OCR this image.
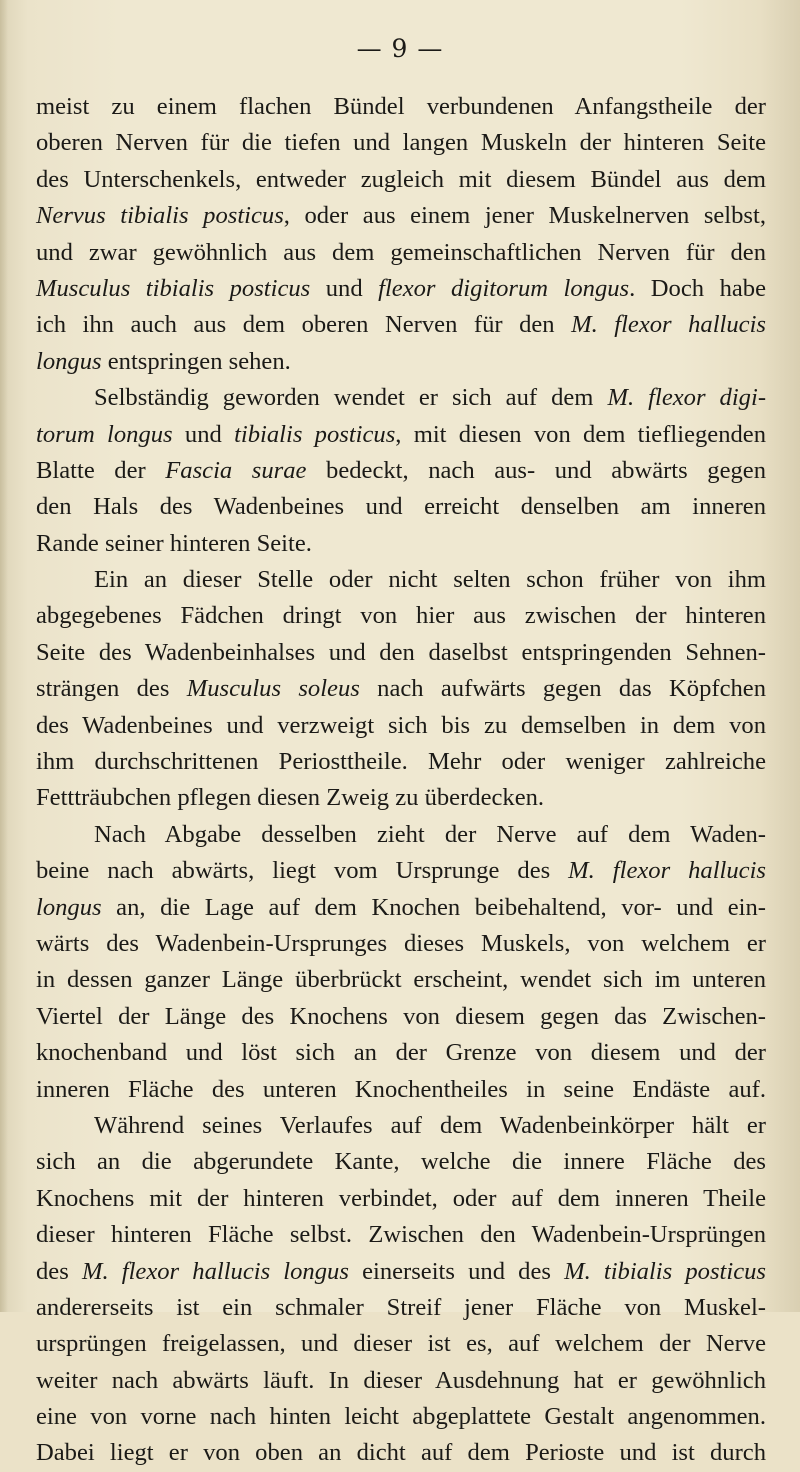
— 9 —
meist zu einem flachen Bündel verbundenen Anfangstheile der
oberen Nerven für die tiefen und langen Muskeln der hinteren Seite
des Unterschenkels, entweder zugleich mit diesem Bündel aus dem
Nervus tibialis posticus, oder aus einem jener Muskelnerven selbst,
und zwar gewöhnlich aus dem gemeinschaftlichen Nerven für den
Musculus tibialis posticus und flexor digitorum longus. Doch habe
ich ihn auch aus dem oberen Nerven für den M. flexor hallucis
longus entspringen sehen.
Selbständig geworden wendet er sich auf dem M. flexor digi-
torum longus und tibialis posticus, mit diesen von dem tiefliegenden
Blatte der Fascia surae bedeckt, nach aus- und abwärts gegen
den Hals des Wadenbeines und erreicht denselben am inneren
Rande seiner hinteren Seite.
Ein an dieser Stelle oder nicht selten schon früher von ihm
abgegebenes Fädchen dringt von hier aus zwischen der hinteren
Seite des Wadenbeinhalses und den daselbst entspringenden Sehnen-
strängen des Musculus soleus nach aufwärts gegen das Köpfchen
des Wadenbeines und verzweigt sich bis zu demselben in dem von
ihm durchschrittenen Periosttheile. Mehr oder weniger zahlreiche
Fettträubchen pflegen diesen Zweig zu überdecken.
Nach Abgabe desselben zieht der Nerve auf dem Waden-
beine nach abwärts, liegt vom Ursprunge des M. flexor hallucis
longus an, die Lage auf dem Knochen beibehaltend, vor- und ein-
wärts des Wadenbein-Ursprunges dieses Muskels, von welchem er
in dessen ganzer Länge überbrückt erscheint, wendet sich im unteren
Viertel der Länge des Knochens von diesem gegen das Zwischen-
knochenband und löst sich an der Grenze von diesem und der
inneren Fläche des unteren Knochentheiles in seine Endäste auf.
Während seines Verlaufes auf dem Wadenbeinkörper hält er
sich an die abgerundete Kante, welche die innere Fläche des
Knochens mit der hinteren verbindet, oder auf dem inneren Theile
dieser hinteren Fläche selbst. Zwischen den Wadenbein-Ursprüngen
des M. flexor hallucis longus einerseits und des M. tibialis posticus
andererseits ist ein schmaler Streif jener Fläche von Muskel-
ursprüngen freigelassen, und dieser ist es, auf welchem der Nerve
weiter nach abwärts läuft. In dieser Ausdehnung hat er gewöhnlich
eine von vorne nach hinten leicht abgeplattete Gestalt angenommen.
Dabei liegt er von oben an dicht auf dem Perioste und ist durch
